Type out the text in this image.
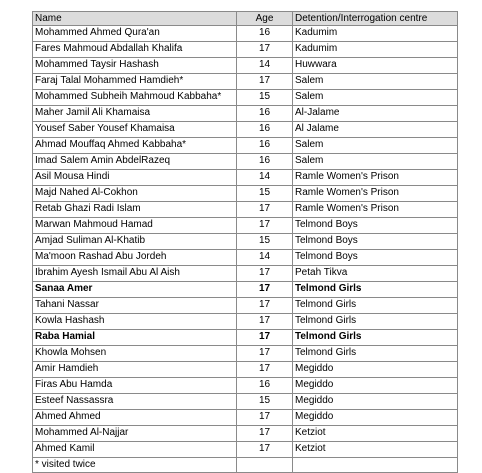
Name	Age	Detention/Interrogation centre
Mohammed Ahmed Qura'an	16	Kadumim
Fares Mahmoud Abdallah Khalifa	17	Kadumim
Mohammed Taysir Hashash	14	Huwwara
Faraj Talal Mohammed Hamdieh*	17	Salem
Mohammed Subheih Mahmoud Kabbaha*	15	Salem
Maher Jamil Ali Khamaisa	16	Al-Jalame
Yousef Saber Yousef Khamaisa	16	Al Jalame
Ahmad Mouffaq Ahmed Kabbaha*	16	Salem
Imad Salem Amin AbdelRazeq	16	Salem
Asil Mousa Hindi	14	Ramle Women's Prison
Majd Nahed Al-Cokhon	15	Ramle Women's Prison
Retab Ghazi Radi Islam	17	Ramle Women's Prison
Marwan Mahmoud Hamad	17	Telmond Boys
Amjad Suliman Al-Khatib	15	Telmond Boys
Ma'moon Rashad Abu Jordeh	14	Telmond Boys
Ibrahim Ayesh Ismail Abu Al Aish	17	Petah Tikva
Sanaa Amer	17	Telmond Girls
Tahani Nassar	17	Telmond Girls
Kowla Hashash	17	Telmond Girls
Raba Hamial	17	Telmond Girls
Khowla Mohsen	17	Telmond Girls
Amir Hamdieh	17	Megiddo
Firas Abu Hamda	16	Megiddo
Esteef Nassassra	15	Megiddo
Ahmed Ahmed	17	Megiddo
Mohammed Al-Najjar	17	Ketziot
Ahmed Kamil	17	Ketziot
* visited twice		
